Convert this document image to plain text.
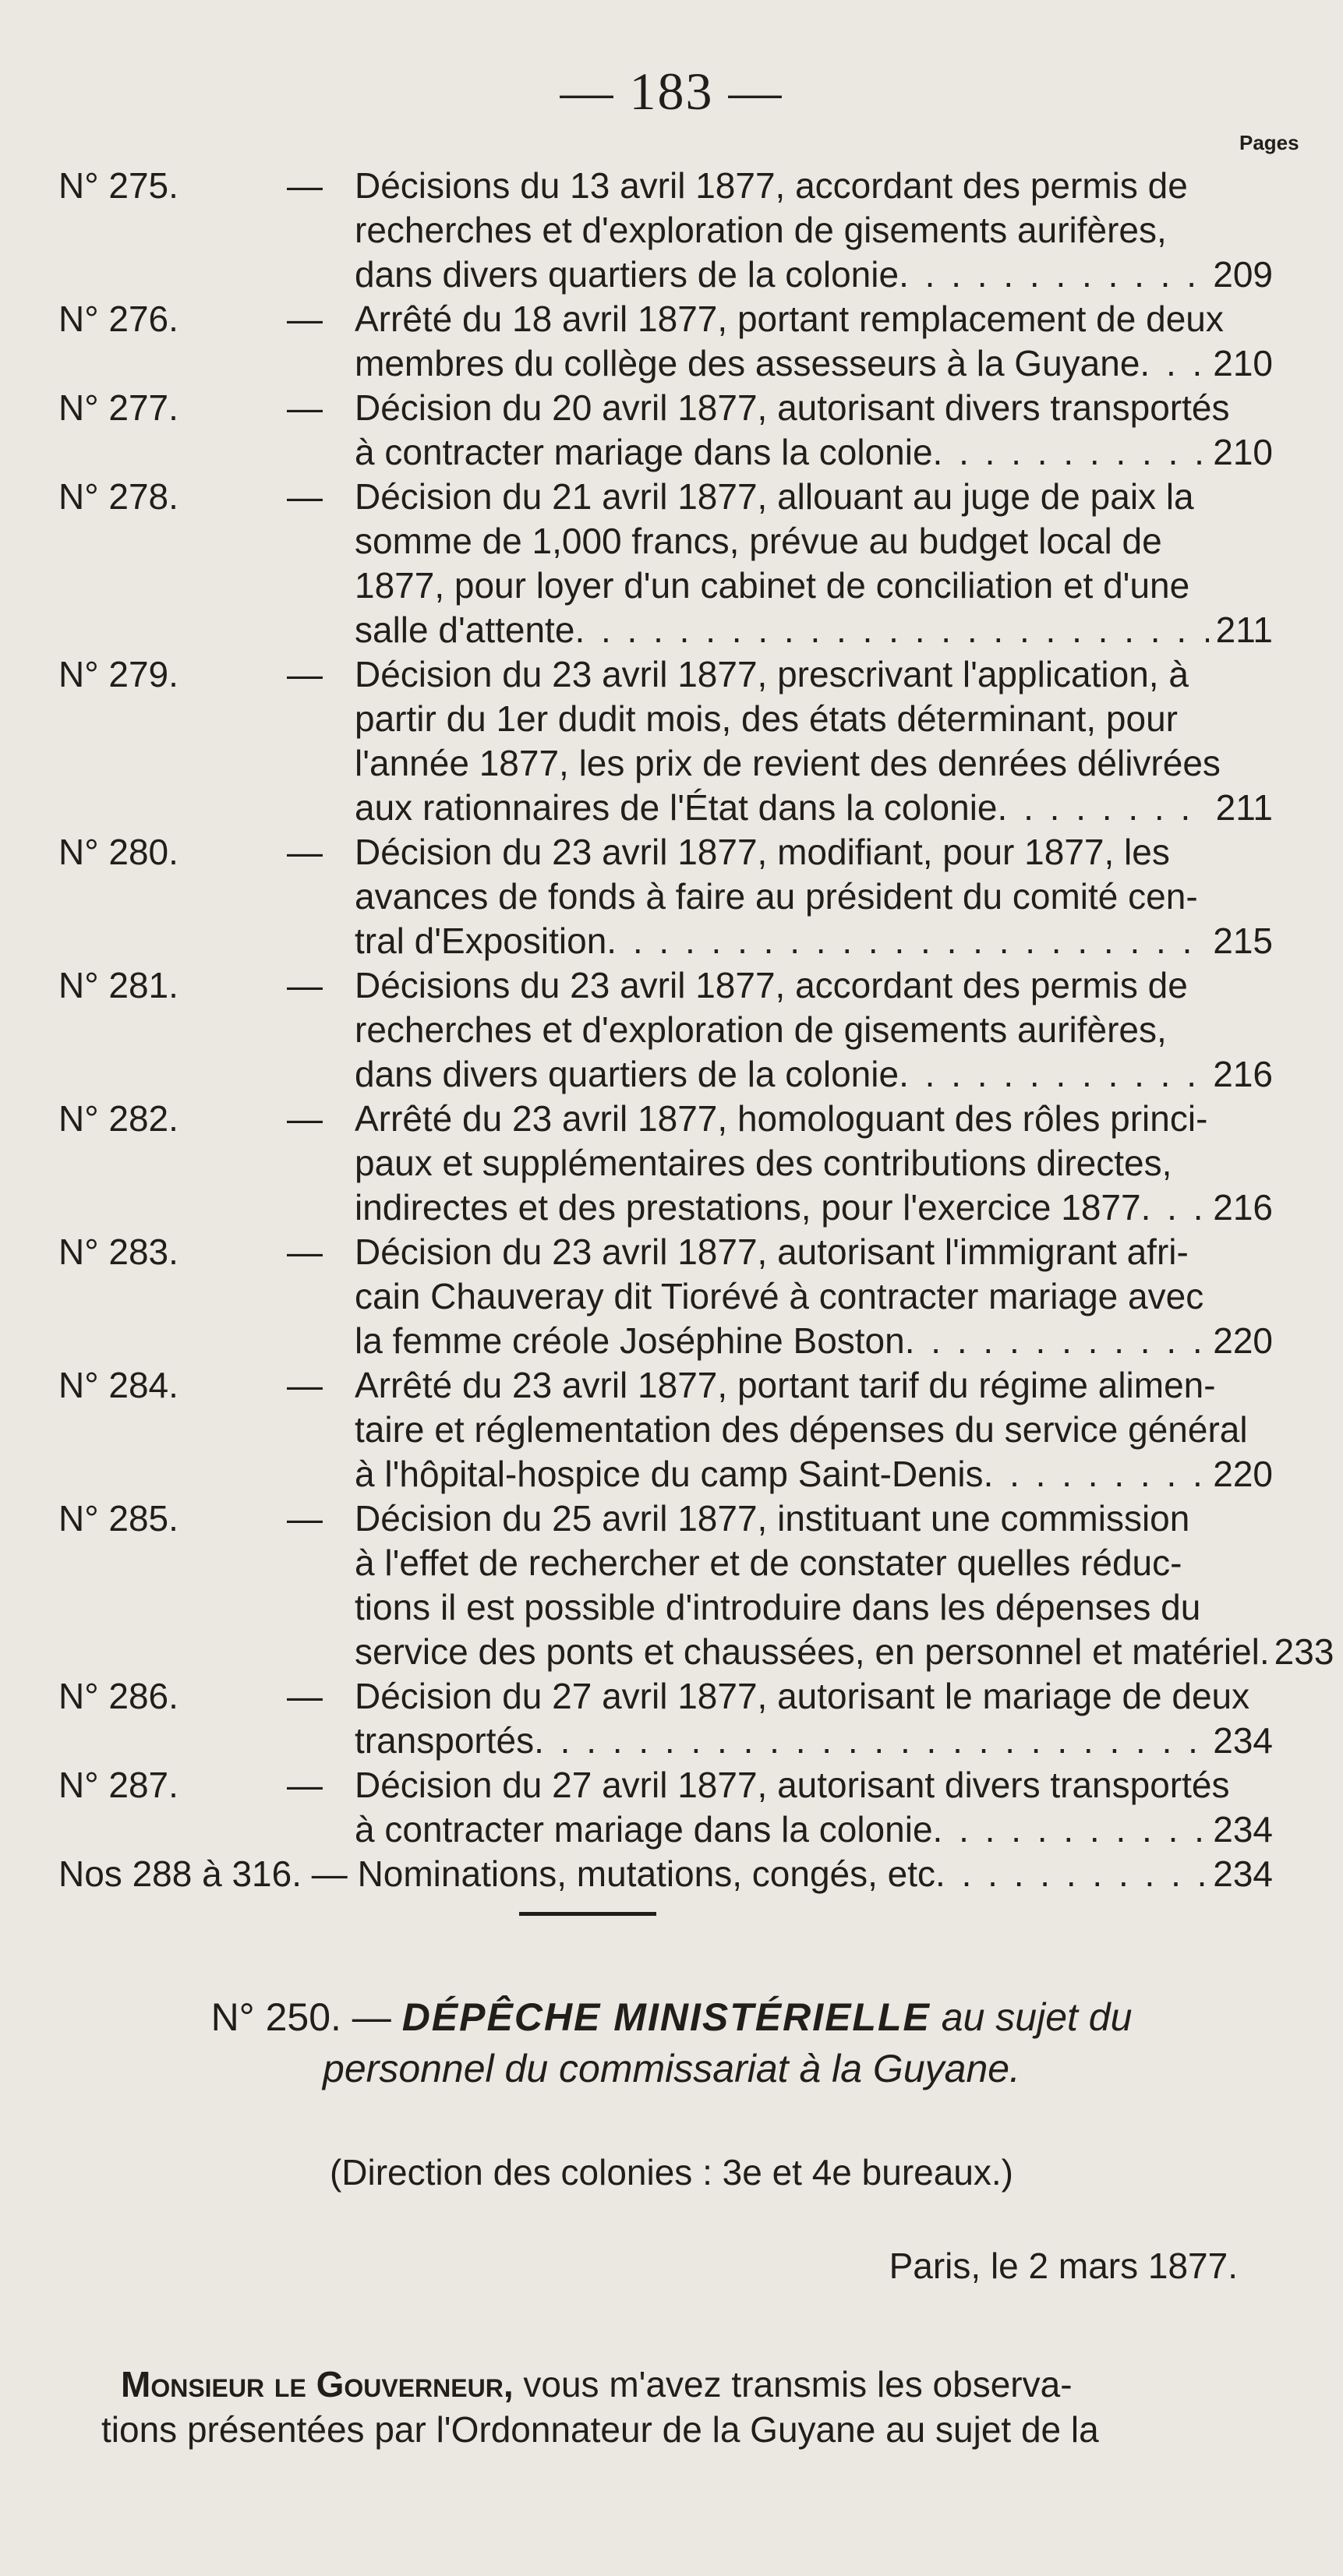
— 183 —
Pages
N° 275.	— Décisions du 13 avril 1877, accordant des permis de
recherches et d'exploration de gisements aurifères,
dans divers quartiers de la colonie . . .	209
N° 276.	— Arrêté du 18 avril 1877, portant remplacement de deux
membres du collège des assesseurs à la Guyane . . . 210
N° 277.	— Décision du 20 avril 1877, autorisant divers transportés
à contracter mariage dans la colonie . . .	210
N° 278.	— Décision du 21 avril 1877, allouant au juge de paix la
somme de 1,000 francs, prévue au budget local de
1877, pour loyer d'un cabinet de conciliation et d'une
salle d'attente . . .	211
N° 279.	— Décision du 23 avril 1877, prescrivant l'application, à
partir du 1er dudit mois, des états déterminant, pour
l'année 1877, les prix de revient des denrées délivrées
aux rationnaires de l'État dans la colonie . . .	211
N° 280.	— Décision du 23 avril 1877, modifiant, pour 1877, les
avances de fonds à faire au président du comité cen-
tral d'Exposition . . .	215
N° 281.	— Décisions du 23 avril 1877, accordant des permis de
recherches et d'exploration de gisements aurifères,
dans divers quartiers de la colonie . . .	216
N° 282.	— Arrêté du 23 avril 1877, homologuant des rôles princi-
paux et supplémentaires des contributions directes,
indirectes et des prestations, pour l'exercice 1877 . . . 216
N° 283.	— Décision du 23 avril 1877, autorisant l'immigrant afri-
cain Chauveray dit Tiorévé à contracter mariage avec
la femme créole Joséphine Boston . . .	220
N° 284.	— Arrêté du 23 avril 1877, portant tarif du régime alimen-
taire et réglementation des dépenses du service général
à l'hôpital-hospice du camp Saint-Denis . . .	220
N° 285.	— Décision du 25 avril 1877, instituant une commission
à l'effet de rechercher et de constater quelles réduc-
tions il est possible d'introduire dans les dépenses du
service des ponts et chaussées, en personnel et matériel. 233
N° 286.	— Décision du 27 avril 1877, autorisant le mariage de deux
transportés . . .	234
N° 287.	— Décision du 27 avril 1877, autorisant divers transportés
à contracter mariage dans la colonie . . .	234
Nos 288 à 316. — Nominations, mutations, congés, etc . . .	234
N° 250. — DÉPÊCHE MINISTÉRIELLE au sujet du
personnel du commissariat à la Guyane.
(Direction des colonies : 3e et 4e bureaux.)
Paris, le 2 mars 1877.
Monsieur le Gouverneur, vous m'avez transmis les observa-
tions présentées par l'Ordonnateur de la Guyane au sujet de la
